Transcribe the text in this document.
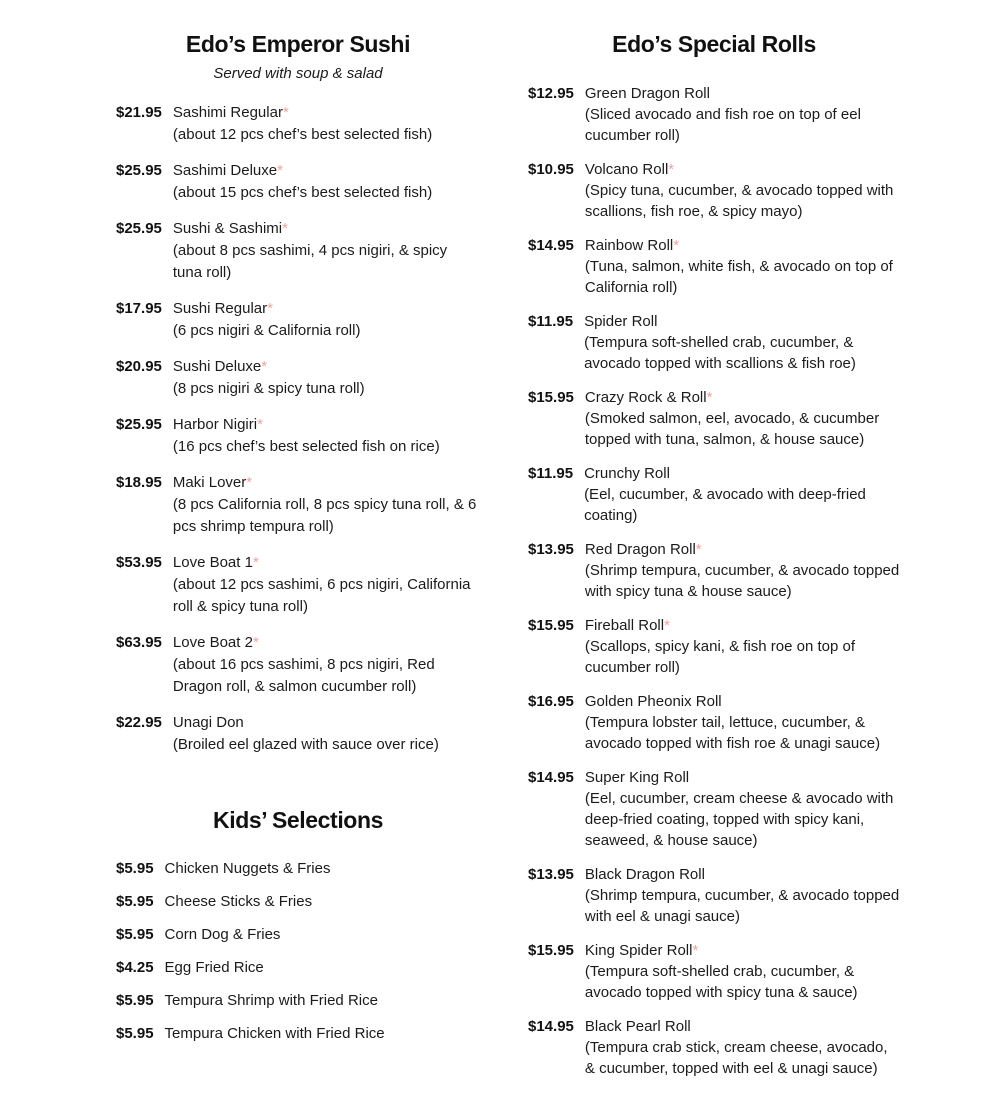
Edo’s Emperor Sushi
Served with soup & salad
$21.95 Sashimi Regular*
(about 12 pcs chef’s best selected fish)
$25.95 Sashimi Deluxe*
(about 15 pcs chef’s best selected fish)
$25.95 Sushi & Sashimi*
(about 8 pcs sashimi, 4 pcs nigiri, & spicy tuna roll)
$17.95 Sushi Regular*
(6 pcs nigiri & California roll)
$20.95 Sushi Deluxe*
(8 pcs nigiri & spicy tuna roll)
$25.95 Harbor Nigiri*
(16 pcs chef’s best selected fish on rice)
$18.95 Maki Lover*
(8 pcs California roll, 8 pcs spicy tuna roll, & 6 pcs shrimp tempura roll)
$53.95 Love Boat 1*
(about 12 pcs sashimi, 6 pcs nigiri, California roll & spicy tuna roll)
$63.95 Love Boat 2*
(about 16 pcs sashimi, 8 pcs nigiri, Red Dragon roll, & salmon cucumber roll)
$22.95 Unagi Don
(Broiled eel glazed with sauce over rice)
Kids’ Selections
$5.95 Chicken Nuggets & Fries
$5.95 Cheese Sticks & Fries
$5.95 Corn Dog & Fries
$4.25 Egg Fried Rice
$5.95 Tempura Shrimp with Fried Rice
$5.95 Tempura Chicken with Fried Rice
Edo’s Special Rolls
$12.95 Green Dragon Roll
(Sliced avocado and fish roe on top of eel cucumber roll)
$10.95 Volcano Roll*
(Spicy tuna, cucumber, & avocado topped with scallions, fish roe, & spicy mayo)
$14.95 Rainbow Roll*
(Tuna, salmon, white fish, & avocado on top of California roll)
$11.95 Spider Roll
(Tempura soft-shelled crab, cucumber, & avocado topped with scallions & fish roe)
$15.95 Crazy Rock & Roll*
(Smoked salmon, eel, avocado, & cucumber topped with tuna, salmon, & house sauce)
$11.95 Crunchy Roll
(Eel, cucumber, & avocado with deep-fried coating)
$13.95 Red Dragon Roll*
(Shrimp tempura, cucumber, & avocado topped with spicy tuna & house sauce)
$15.95 Fireball Roll*
(Scallops, spicy kani, & fish roe on top of cucumber roll)
$16.95 Golden Pheonix Roll
(Tempura lobster tail, lettuce, cucumber, & avocado topped with fish roe & unagi sauce)
$14.95 Super King Roll
(Eel, cucumber, cream cheese & avocado with deep-fried coating, topped with spicy kani, seaweed, & house sauce)
$13.95 Black Dragon Roll
(Shrimp tempura, cucumber, & avocado topped with eel & unagi sauce)
$15.95 King Spider Roll*
(Tempura soft-shelled crab, cucumber, & avocado topped with spicy tuna & sauce)
$14.95 Black Pearl Roll
(Tempura crab stick, cream cheese, avocado, & cucumber, topped with eel & unagi sauce)
